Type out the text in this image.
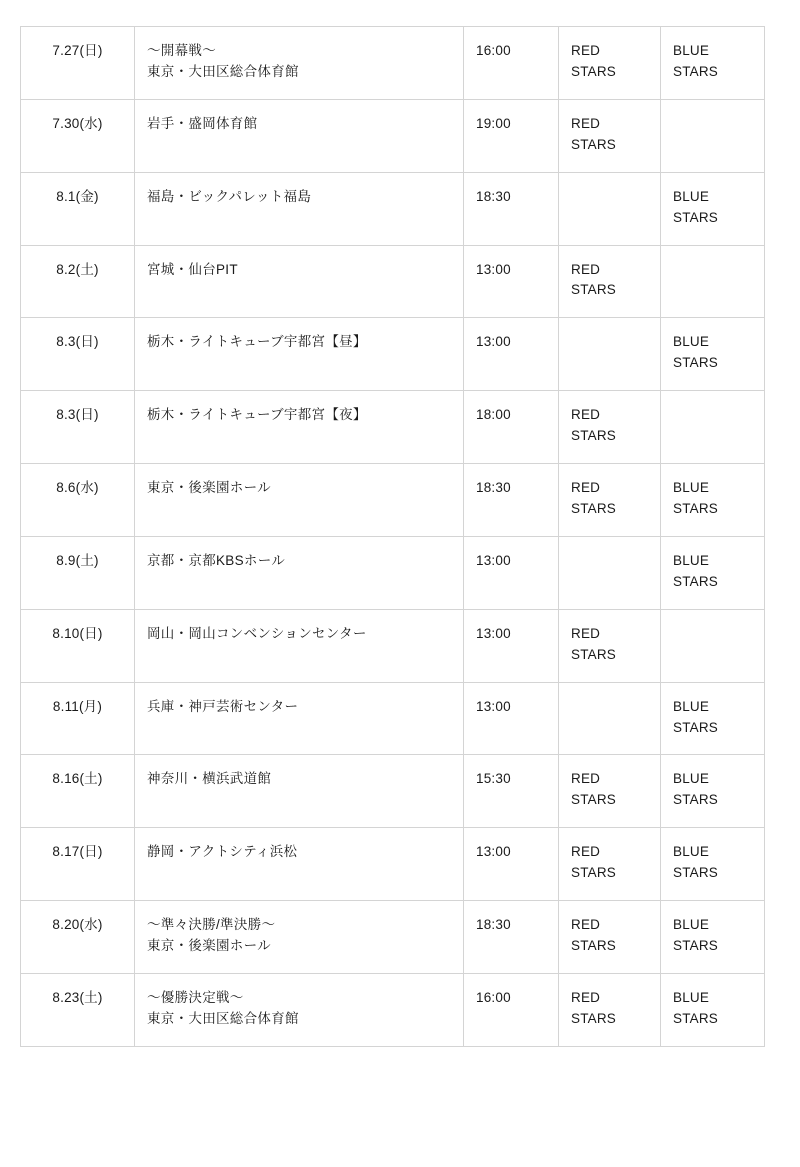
7.27(日)	〜開幕戦〜
東京・大田区総合体育館	16:00	RED
STARS	BLUE
STARS

7.30(水)	岩手・盛岡体育館	19:00	RED
STARS	

8.1(金)	福島・ビックパレット福島	18:30		BLUE
STARS

8.2(土)	宮城・仙台PIT	13:00	RED
STARS	

8.3(日)	栃木・ライトキューブ宇都宮【昼】	13:00		BLUE
STARS

8.3(日)	栃木・ライトキューブ宇都宮【夜】	18:00	RED
STARS	

8.6(水)	東京・後楽園ホール	18:30	RED
STARS	BLUE
STARS

8.9(土)	京都・京都KBSホール	13:00		BLUE
STARS

8.10(日)	岡山・岡山コンベンションセンター	13:00	RED
STARS	

8.11(月)	兵庫・神戸芸術センター	13:00		BLUE
STARS

8.16(土)	神奈川・横浜武道館	15:30	RED
STARS	BLUE
STARS

8.17(日)	静岡・アクトシティ浜松	13:00	RED
STARS	BLUE
STARS

8.20(水)	〜準々決勝/準決勝〜
東京・後楽園ホール	18:30	RED
STARS	BLUE
STARS

8.23(土)	〜優勝決定戦〜
東京・大田区総合体育館	16:00	RED
STARS	BLUE
STARS
